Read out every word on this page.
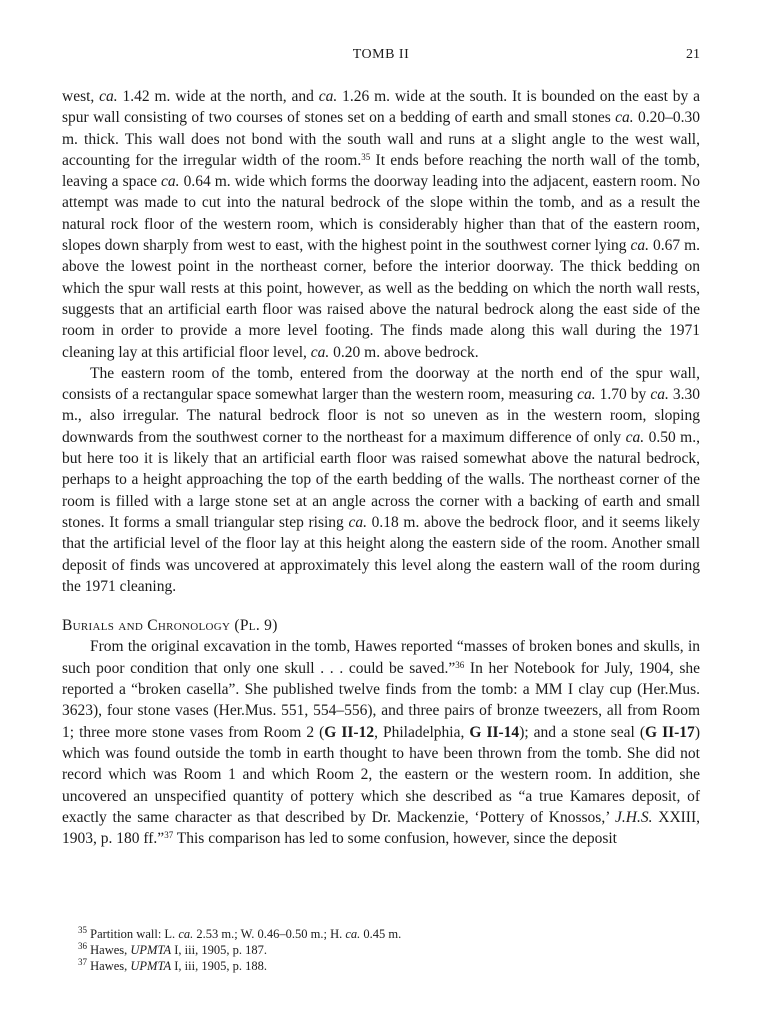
TOMB II	21

west, ca. 1.42 m. wide at the north, and ca. 1.26 m. wide at the south. It is bounded on the east by a spur wall consisting of two courses of stones set on a bedding of earth and small stones ca. 0.20–0.30 m. thick. This wall does not bond with the south wall and runs at a slight angle to the west wall, accounting for the irregular width of the room.$^{35}$ It ends before reaching the north wall of the tomb, leaving a space ca. 0.64 m. wide which forms the doorway leading into the adjacent, eastern room. No attempt was made to cut into the natural bedrock of the slope within the tomb, and as a result the natural rock floor of the western room, which is considerably higher than that of the eastern room, slopes down sharply from west to east, with the highest point in the southwest corner lying ca. 0.67 m. above the lowest point in the northeast corner, before the interior doorway. The thick bedding on which the spur wall rests at this point, however, as well as the bedding on which the north wall rests, suggests that an artificial earth floor was raised above the natural bedrock along the east side of the room in order to provide a more level footing. The finds made along this wall during the 1971 cleaning lay at this artificial floor level, ca. 0.20 m. above bedrock.

The eastern room of the tomb, entered from the doorway at the north end of the spur wall, consists of a rectangular space somewhat larger than the western room, measuring ca. 1.70 by ca. 3.30 m., also irregular. The natural bedrock floor is not so uneven as in the western room, sloping downwards from the southwest corner to the northeast for a maximum difference of only ca. 0.50 m., but here too it is likely that an artificial earth floor was raised somewhat above the natural bedrock, perhaps to a height approaching the top of the earth bedding of the walls. The northeast corner of the room is filled with a large stone set at an angle across the corner with a backing of earth and small stones. It forms a small triangular step rising ca. 0.18 m. above the bedrock floor, and it seems likely that the artificial level of the floor lay at this height along the eastern side of the room. Another small deposit of finds was uncovered at approximately this level along the eastern wall of the room during the 1971 cleaning.

Burials and Chronology (Pl. 9)

From the original excavation in the tomb, Hawes reported “masses of broken bones and skulls, in such poor condition that only one skull . . . could be saved.”$^{36}$ In her Notebook for July, 1904, she reported a “broken casella”. She published twelve finds from the tomb: a MM I clay cup (Her.Mus. 3623), four stone vases (Her.Mus. 551, 554–556), and three pairs of bronze tweezers, all from Room 1; three more stone vases from Room 2 (G II-12, Philadelphia, G II-14); and a stone seal (G II-17) which was found outside the tomb in earth thought to have been thrown from the tomb. She did not record which was Room 1 and which Room 2, the eastern or the western room. In addition, she uncovered an unspecified quantity of pottery which she described as “a true Kamares deposit, of exactly the same character as that described by Dr. Mackenzie, ‘Pottery of Knossos,’ J.H.S. XXIII, 1903, p. 180 ff.”$^{37}$ This comparison has led to some confusion, however, since the deposit

$^{35}$ Partition wall: L. ca. 2.53 m.; W. 0.46–0.50 m.; H. ca. 0.45 m.

$^{36}$ Hawes, UPMTA I, iii, 1905, p. 187.

$^{37}$ Hawes, UPMTA I, iii, 1905, p. 188.
